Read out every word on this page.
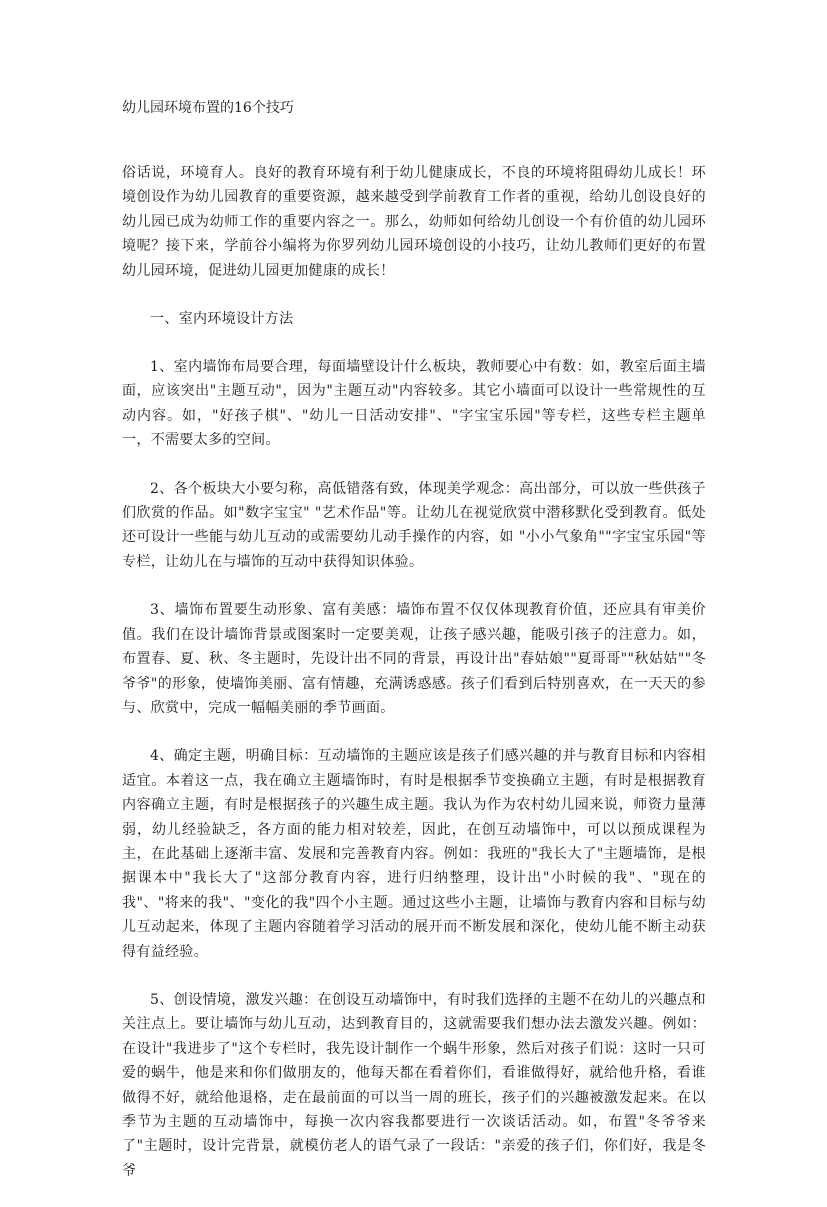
幼儿园环境布置的16个技巧

俗话说，环境育人。良好的教育环境有利于幼儿健康成长，不良的环境将阻碍幼儿成长！环境创设作为幼儿园教育的重要资源，越来越受到学前教育工作者的重视，给幼儿创设良好的幼儿园已成为幼师工作的重要内容之一。那么，幼师如何给幼儿创设一个有价值的幼儿园环境呢？接下来，学前谷小编将为你罗列幼儿园环境创设的小技巧，让幼儿教师们更好的布置幼儿园环境，促进幼儿园更加健康的成长！

一、室内环境设计方法

1、室内墙饰布局要合理，每面墙壁设计什么板块，教师要心中有数：如，教室后面主墙面，应该突出"主题互动"，因为"主题互动"内容较多。其它小墙面可以设计一些常规性的互动内容。如，"好孩子棋"、"幼儿一日活动安排"、"字宝宝乐园"等专栏，这些专栏主题单一，不需要太多的空间。

2、各个板块大小要匀称，高低错落有致，体现美学观念：高出部分，可以放一些供孩子们欣赏的作品。如"数字宝宝" "艺术作品"等。让幼儿在视觉欣赏中潜移默化受到教育。低处还可设计一些能与幼儿互动的或需要幼儿动手操作的内容，如 "小小气象角""字宝宝乐园"等专栏，让幼儿在与墙饰的互动中获得知识体验。

3、墙饰布置要生动形象、富有美感：墙饰布置不仅仅体现教育价值，还应具有审美价值。我们在设计墙饰背景或图案时一定要美观，让孩子感兴趣，能吸引孩子的注意力。如，布置春、夏、秋、冬主题时，先设计出不同的背景，再设计出"春姑娘""夏哥哥""秋姑姑""冬爷爷"的形象，使墙饰美丽、富有情趣，充满诱惑感。孩子们看到后特别喜欢，在一天天的参与、欣赏中，完成一幅幅美丽的季节画面。

4、确定主题，明确目标：互动墙饰的主题应该是孩子们感兴趣的并与教育目标和内容相适宜。本着这一点，我在确立主题墙饰时，有时是根据季节变换确立主题，有时是根据教育内容确立主题，有时是根据孩子的兴趣生成主题。我认为作为农村幼儿园来说，师资力量薄弱，幼儿经验缺乏，各方面的能力相对较差，因此，在创互动墙饰中，可以以预成课程为主，在此基础上逐渐丰富、发展和完善教育内容。例如：我班的"我长大了"主题墙饰，是根据课本中"我长大了"这部分教育内容，进行归纳整理，设计出"小时候的我"、"现在的我"、"将来的我"、"变化的我"四个小主题。通过这些小主题，让墙饰与教育内容和目标与幼儿互动起来，体现了主题内容随着学习活动的展开而不断发展和深化，使幼儿能不断主动获得有益经验。

5、创设情境，激发兴趣：在创设互动墙饰中，有时我们选择的主题不在幼儿的兴趣点和关注点上。要让墙饰与幼儿互动，达到教育目的，这就需要我们想办法去激发兴趣。例如：在设计"我进步了"这个专栏时，我先设计制作一个蜗牛形象，然后对孩子们说：这时一只可爱的蜗牛，他是来和你们做朋友的，他每天都在看着你们，看谁做得好，就给他升格，看谁做得不好，就给他退格，走在最前面的可以当一周的班长，孩子们的兴趣被激发起来。在以季节为主题的互动墙饰中，每换一次内容我都要进行一次谈话活动。如，布置"冬爷爷来了"主题时，设计完背景，就模仿老人的语气录了一段话："亲爱的孩子们，你们好，我是冬爷
